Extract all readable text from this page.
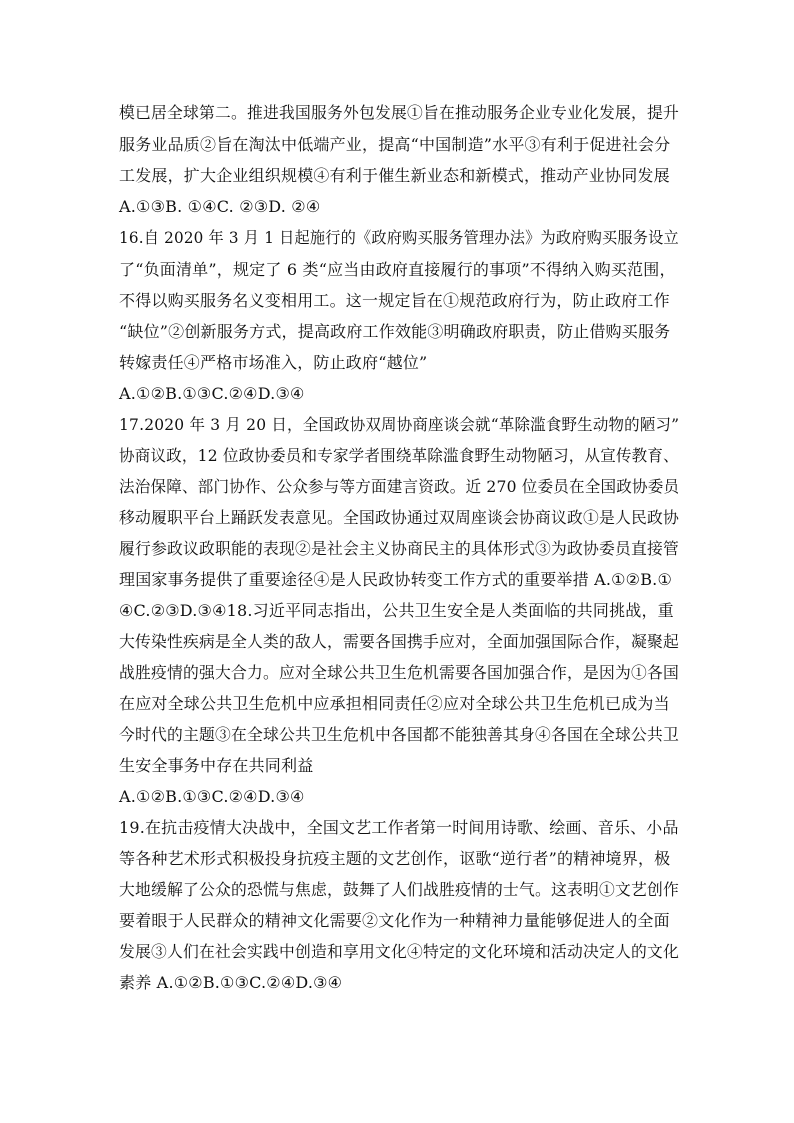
模已居全球第二。推进我国服务外包发展①旨在推动服务企业专业化发展，提升
服务业品质②旨在淘汰中低端产业，提高“中国制造”水平③有利于促进社会分
工发展，扩大企业组织规模④有利于催生新业态和新模式，推动产业协同发展
A.①③B. ①④C. ②③D. ②④
16.自 2020 年 3 月 1 日起施行的《政府购买服务管理办法》为政府购买服务设立
了“负面清单”，规定了 6 类“应当由政府直接履行的事项”不得纳入购买范围，
不得以购买服务名义变相用工。这一规定旨在①规范政府行为，防止政府工作
“缺位”②创新服务方式，提高政府工作效能③明确政府职责，防止借购买服务
转嫁责任④严格市场准入，防止政府“越位”
A.①②B.①③C.②④D.③④
17.2020 年 3 月 20 日，全国政协双周协商座谈会就“革除滥食野生动物的陋习”
协商议政，12 位政协委员和专家学者围绕革除滥食野生动物陋习，从宣传教育、
法治保障、部门协作、公众参与等方面建言资政。近 270 位委员在全国政协委员
移动履职平台上踊跃发表意见。全国政协通过双周座谈会协商议政①是人民政协
履行参政议政职能的表现②是社会主义协商民主的具体形式③为政协委员直接管
理国家事务提供了重要途径④是人民政协转变工作方式的重要举措 A.①②B.①
④C.②③D.③④18.习近平同志指出，公共卫生安全是人类面临的共同挑战，重
大传染性疾病是全人类的敌人，需要各国携手应对，全面加强国际合作，凝聚起
战胜疫情的强大合力。应对全球公共卫生危机需要各国加强合作，是因为①各国
在应对全球公共卫生危机中应承担相同责任②应对全球公共卫生危机已成为当
今时代的主题③在全球公共卫生危机中各国都不能独善其身④各国在全球公共卫
生安全事务中存在共同利益
A.①②B.①③C.②④D.③④
19.在抗击疫情大决战中，全国文艺工作者第一时间用诗歌、绘画、音乐、小品
等各种艺术形式积极投身抗疫主题的文艺创作，讴歌“逆行者”的精神境界，极
大地缓解了公众的恐慌与焦虑，鼓舞了人们战胜疫情的士气。这表明①文艺创作
要着眼于人民群众的精神文化需要②文化作为一种精神力量能够促进人的全面
发展③人们在社会实践中创造和享用文化④特定的文化环境和活动决定人的文化
素养 A.①②B.①③C.②④D.③④
